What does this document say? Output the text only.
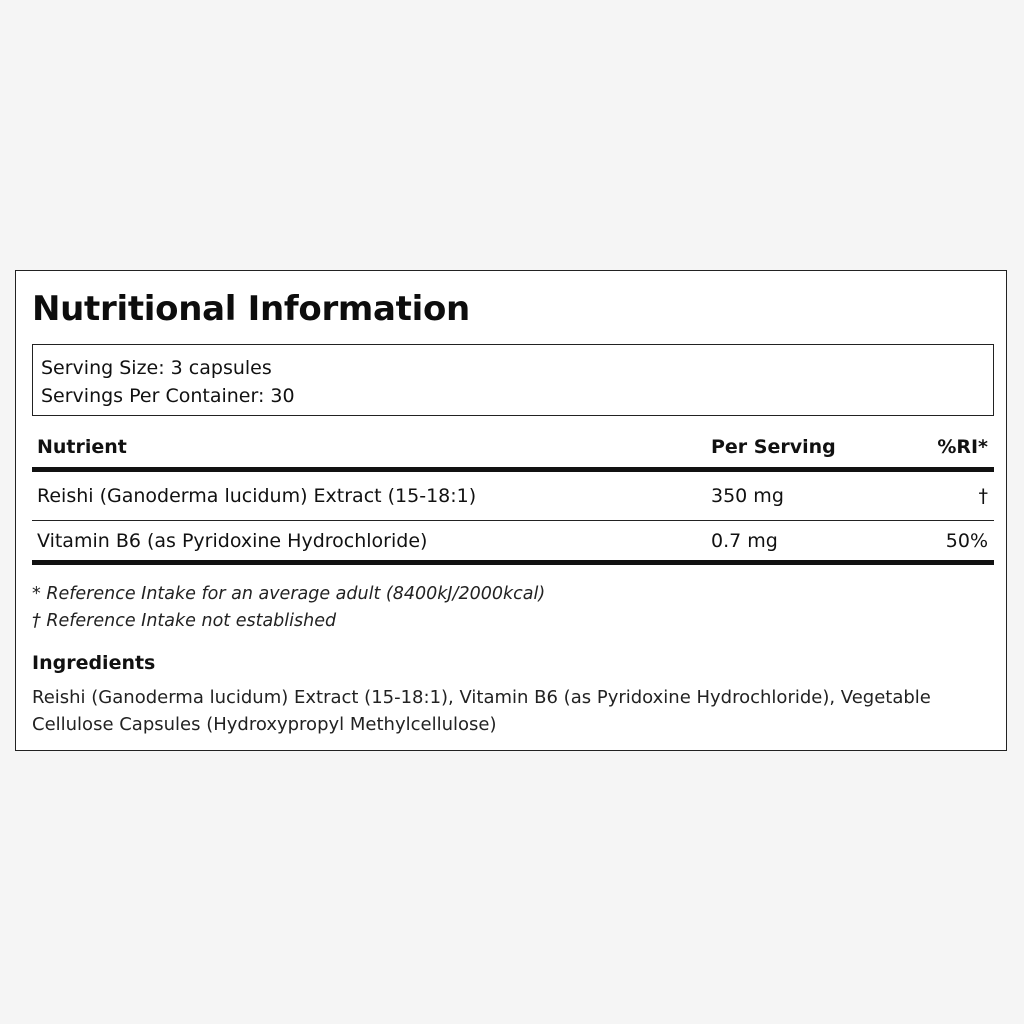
Nutritional Information
Serving Size: 3 capsules
Servings Per Container: 30
Nutrient	Per Serving	%RI*
Reishi (Ganoderma lucidum) Extract (15-18:1)	350 mg	†
Vitamin B6 (as Pyridoxine Hydrochloride)	0.7 mg	50%
* Reference Intake for an average adult (8400kJ/2000kcal)
† Reference Intake not established
Ingredients
Reishi (Ganoderma lucidum) Extract (15-18:1), Vitamin B6 (as Pyridoxine Hydrochloride), Vegetable Cellulose Capsules (Hydroxypropyl Methylcellulose)
